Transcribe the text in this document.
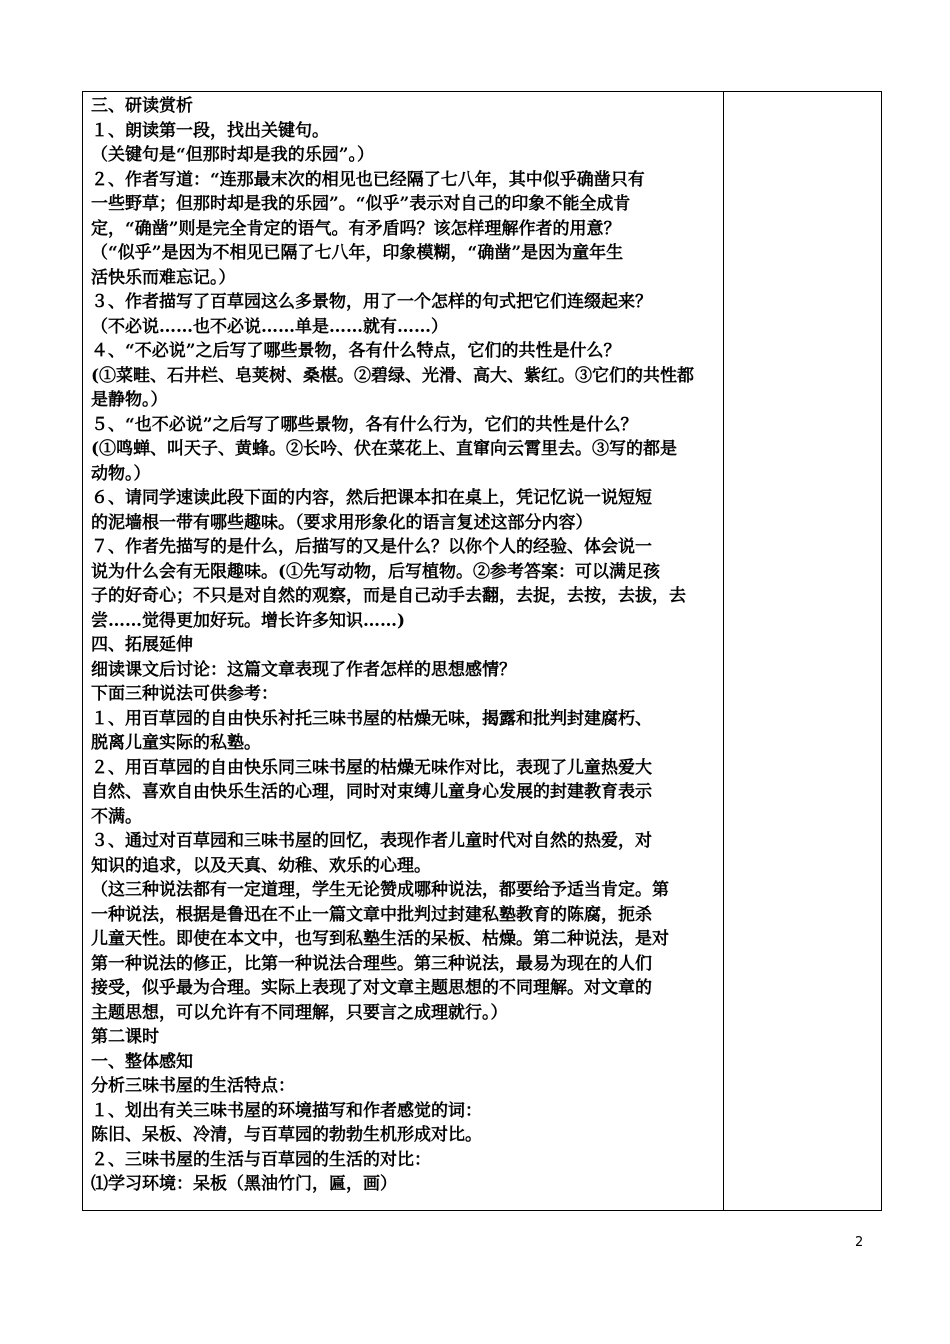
三、研读赏析
１、朗读第一段，找出关键句。
（关键句是“但那时却是我的乐园”。）
２、作者写道：“连那最末次的相见也已经隔了七八年，其中似乎确凿只有
一些野草；但那时却是我的乐园”。“似乎”表示对自己的印象不能全成肯
定，“确凿”则是完全肯定的语气。有矛盾吗？该怎样理解作者的用意？
（“似乎”是因为不相见已隔了七八年，印象模糊，“确凿”是因为童年生
活快乐而难忘记。）
３、作者描写了百草园这么多景物，用了一个怎样的句式把它们连缀起来？
（不必说……也不必说……单是……就有……）
４、“不必说”之后写了哪些景物，各有什么特点，它们的共性是什么？
(①菜畦、石井栏、皂荚树、桑椹。②碧绿、光滑、高大、紫红。③它们的共性都
是静物。）
５、“也不必说”之后写了哪些景物，各有什么行为，它们的共性是什么？
(①鸣蝉、叫天子、黄蜂。②长吟、伏在菜花上、直窜向云霄里去。③写的都是
动物。）
６、请同学速读此段下面的内容，然后把课本扣在桌上，凭记忆说一说短短
的泥墙根一带有哪些趣味。（要求用形象化的语言复述这部分内容）
７、作者先描写的是什么，后描写的又是什么？以你个人的经验、体会说一
说为什么会有无限趣味。(①先写动物，后写植物。②参考答案：可以满足孩
子的好奇心；不只是对自然的观察，而是自己动手去翻，去捉，去按，去拔，去
尝……觉得更加好玩。增长许多知识……)
四、拓展延伸
细读课文后讨论：这篇文章表现了作者怎样的思想感情？
下面三种说法可供参考：
１、用百草园的自由快乐衬托三味书屋的枯燥无味，揭露和批判封建腐朽、
脱离儿童实际的私塾。
２、用百草园的自由快乐同三味书屋的枯燥无味作对比，表现了儿童热爱大
自然、喜欢自由快乐生活的心理，同时对束缚儿童身心发展的封建教育表示
不满。
３、通过对百草园和三味书屋的回忆，表现作者儿童时代对自然的热爱，对
知识的追求，以及天真、幼稚、欢乐的心理。
（这三种说法都有一定道理，学生无论赞成哪种说法，都要给予适当肯定。第
一种说法，根据是鲁迅在不止一篇文章中批判过封建私塾教育的陈腐，扼杀
儿童天性。即使在本文中，也写到私塾生活的呆板、枯燥。第二种说法，是对
第一种说法的修正，比第一种说法合理些。第三种说法，最易为现在的人们
接受，似乎最为合理。实际上表现了对文章主题思想的不同理解。对文章的
主题思想，可以允许有不同理解，只要言之成理就行。）
第二课时
一、整体感知
分析三味书屋的生活特点：
１、划出有关三味书屋的环境描写和作者感觉的词：
陈旧、呆板、冷清，与百草园的勃勃生机形成对比。
２、三味书屋的生活与百草园的生活的对比：
⑴学习环境：呆板（黑油竹门，匾，画）
2
